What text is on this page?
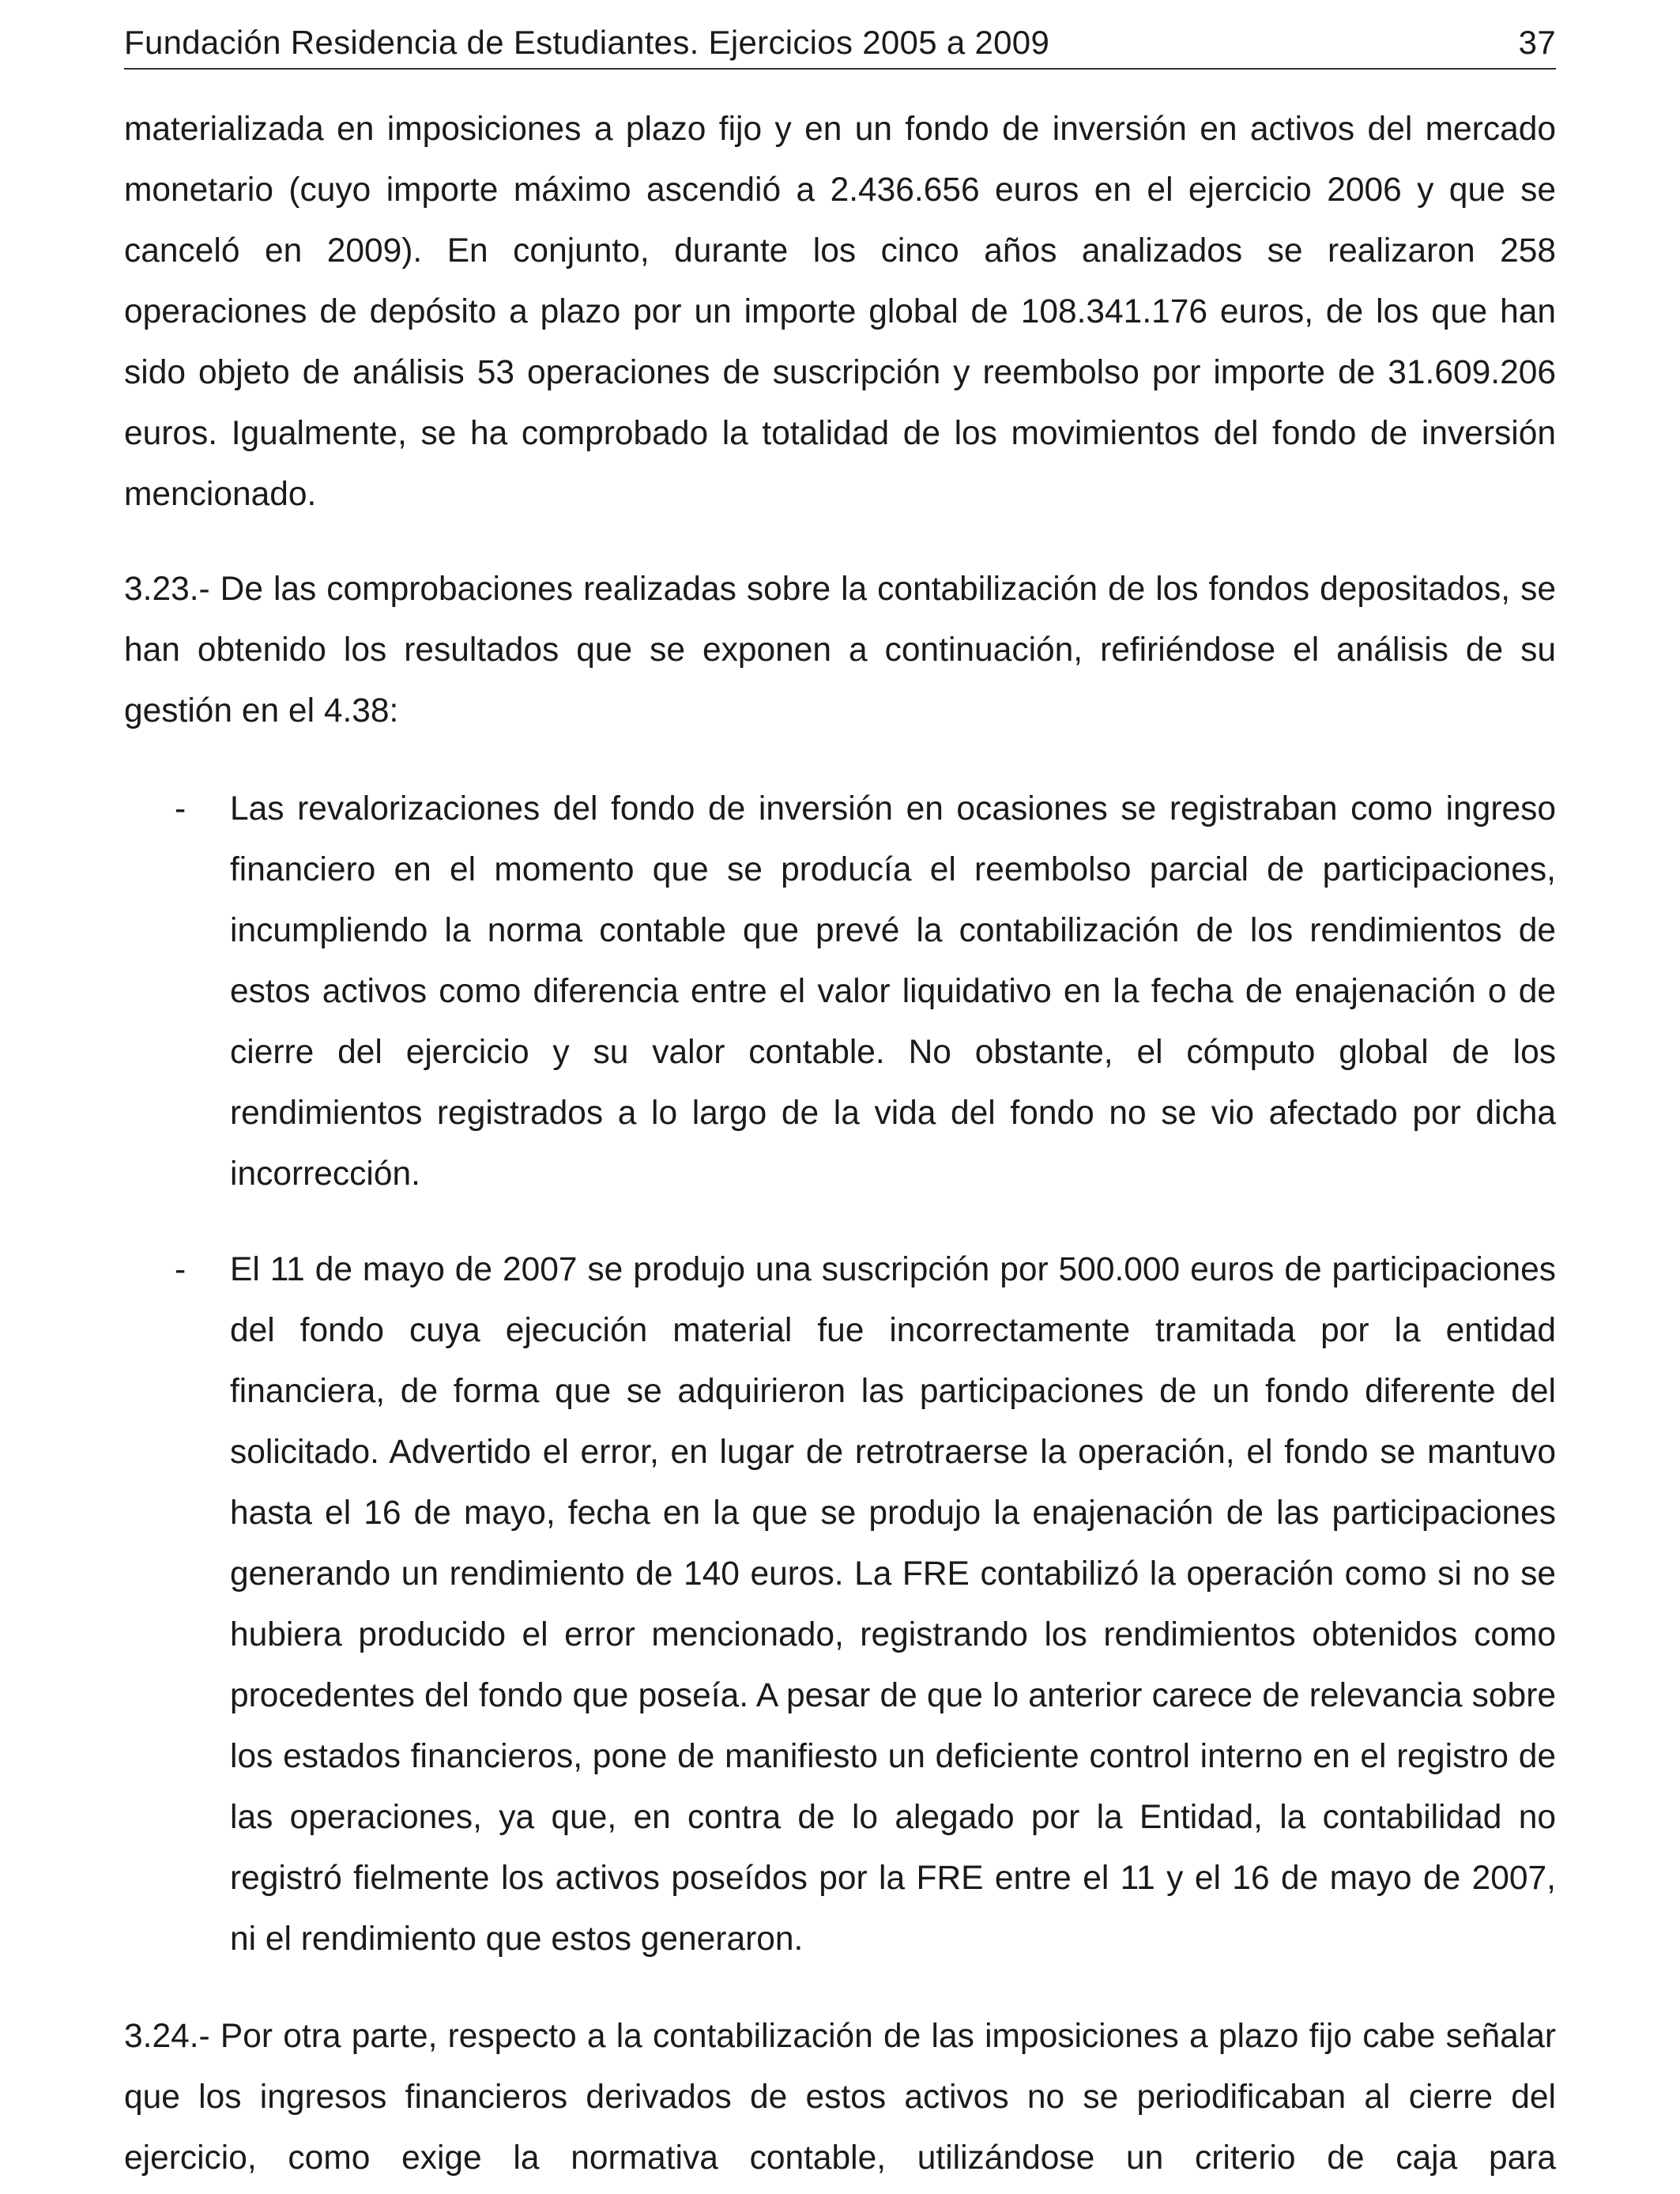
Fundación Residencia de Estudiantes. Ejercicios 2005 a 2009	37

materializada en imposiciones a plazo fijo y en un fondo de inversión en activos del mercado monetario (cuyo importe máximo ascendió a 2.436.656 euros en el ejercicio 2006 y que se canceló en 2009). En conjunto, durante los cinco años analizados se realizaron 258 operaciones de depósito a plazo por un importe global de 108.341.176 euros, de los que han sido objeto de análisis 53 operaciones de suscripción y reembolso por importe de 31.609.206 euros. Igualmente, se ha comprobado la totalidad de los movimientos del fondo de inversión mencionado.

3.23.- De las comprobaciones realizadas sobre la contabilización de los fondos depositados, se han obtenido los resultados que se exponen a continuación, refiriéndose el análisis de su gestión en el 4.38:

- Las revalorizaciones del fondo de inversión en ocasiones se registraban como ingreso financiero en el momento que se producía el reembolso parcial de participaciones, incumpliendo la norma contable que prevé la contabilización de los rendimientos de estos activos como diferencia entre el valor liquidativo en la fecha de enajenación o de cierre del ejercicio y su valor contable. No obstante, el cómputo global de los rendimientos registrados a lo largo de la vida del fondo no se vio afectado por dicha incorrección.

- El 11 de mayo de 2007 se produjo una suscripción por 500.000 euros de participaciones del fondo cuya ejecución material fue incorrectamente tramitada por la entidad financiera, de forma que se adquirieron las participaciones de un fondo diferente del solicitado. Advertido el error, en lugar de retrotraerse la operación, el fondo se mantuvo hasta el 16 de mayo, fecha en la que se produjo la enajenación de las participaciones generando un rendimiento de 140 euros. La FRE contabilizó la operación como si no se hubiera producido el error mencionado, registrando los rendimientos obtenidos como procedentes del fondo que poseía. A pesar de que lo anterior carece de relevancia sobre los estados financieros, pone de manifiesto un deficiente control interno en el registro de las operaciones, ya que, en contra de lo alegado por la Entidad, la contabilidad no registró fielmente los activos poseídos por la FRE entre el 11 y el 16 de mayo de 2007, ni el rendimiento que estos generaron.

3.24.- Por otra parte, respecto a la contabilización de las imposiciones a plazo fijo cabe señalar que los ingresos financieros derivados de estos activos no se periodificaban al cierre del ejercicio, como exige la normativa contable, utilizándose un criterio de caja para
